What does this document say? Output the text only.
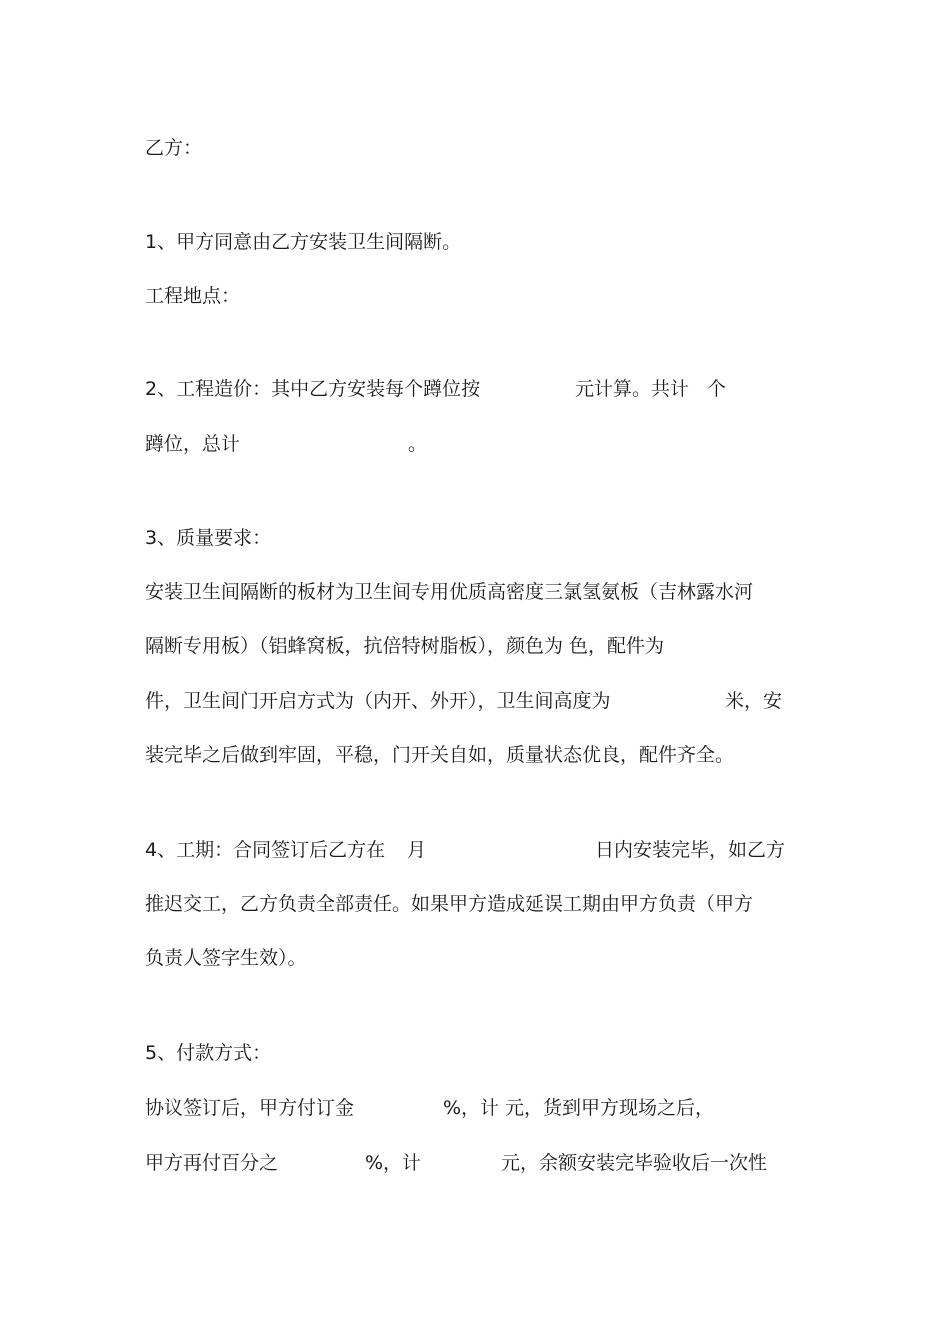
乙方：
1、甲方同意由乙方安装卫生间隔断。
工程地点：
2、工程造价：其中乙方安装每个蹲位按	元计算。共计 个
蹲位，总计	。
3、质量要求：
安装卫生间隔断的板材为卫生间专用优质高密度三氯氢氨板（吉林露水河
隔断专用板）（铝蜂窝板，抗倍特树脂板），颜色为 色，配件为
件，卫生间门开启方式为（内开、外开），卫生间高度为	米，安
装完毕之后做到牢固，平稳，门开关自如，质量状态优良，配件齐全。
4、工期：合同签订后乙方在 月	日内安装完毕，如乙方
推迟交工，乙方负责全部责任。如果甲方造成延误工期由甲方负责（甲方
负责人签字生效）。
5、付款方式：
协议签订后，甲方付订金	%，计 元，货到甲方现场之后，
甲方再付百分之	%，计	元，余额安装完毕验收后一次性
